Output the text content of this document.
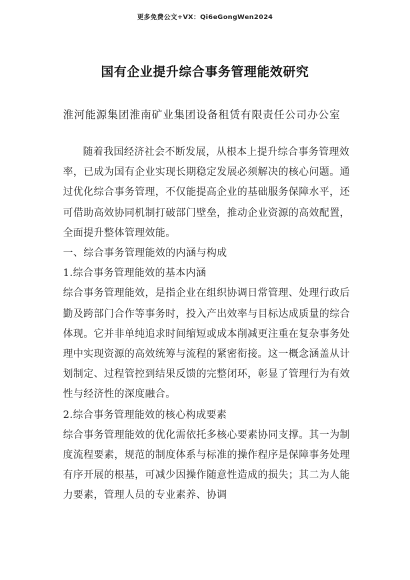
更多免费公文+VX：Qi6eGongWen2024
国有企业提升综合事务管理能效研究
淮河能源集团淮南矿业集团设备租赁有限责任公司办公室

随着我国经济社会不断发展，从根本上提升综合事务管理效率，已成为国有企业实现长期稳定发展必须解决的核心问题。通过优化综合事务管理，不仅能提高企业的基础服务保障水平，还可借助高效协同机制打破部门壁垒，推动企业资源的高效配置，全面提升整体管理效能。

一、综合事务管理能效的内涵与构成

1.综合事务管理能效的基本内涵

综合事务管理能效，是指企业在组织协调日常管理、处理行政后勤及跨部门合作等事务时，投入产出效率与目标达成质量的综合体现。它并非单纯追求时间缩短或成本削减更注重在复杂事务处理中实现资源的高效统筹与流程的紧密衔接。这一概念涵盖从计划制定、过程管控到结果反馈的完整闭环，彰显了管理行为有效性与经济性的深度融合。

2.综合事务管理能效的核心构成要素

综合事务管理能效的优化需依托多核心要素协同支撑。其一为制度流程要素，规范的制度体系与标准的操作程序是保障事务处理有序开展的根基，可减少因操作随意性造成的损失；其二为人能力要素，管理人员的专业素养、协调
